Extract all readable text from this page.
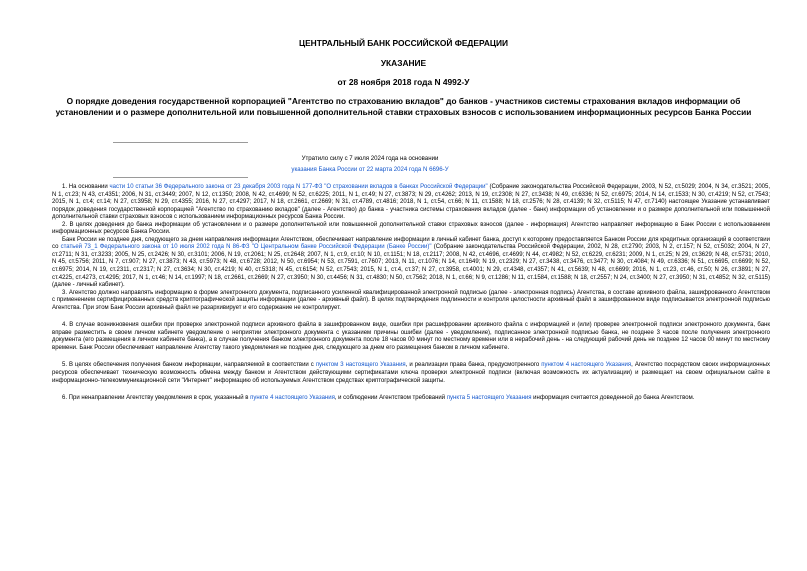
ЦЕНТРАЛЬНЫЙ БАНК РОССИЙСКОЙ ФЕДЕРАЦИИ
УКАЗАНИЕ
от 28 ноября 2018 года N 4992-У
О порядке доведения государственной корпорацией "Агентство по страхованию вкладов" до банков - участников системы страхования вкладов информации об установлении и о размере дополнительной или повышенной дополнительной ставки страховых взносов с использованием информационных ресурсов Банка России
Утратило силу с 7 июля 2024 года на основании
указания Банка России от 22 марта 2024 года N 6696-У

1. На основании части 10 статьи 36 Федерального закона от 23 декабря 2003 года N 177-ФЗ "О страховании вкладов в банках Российской Федерации" (Собрание законодательства Российской Федерации, 2003, N 52, ст.5029; 2004, N 34, ст.3521; 2005, N 1, ст.23; N 43, ст.4351; 2006, N 31, ст.3449; 2007, N 12, ст.1350; 2008, N 42, ст.4699; N 52, ст.6225; 2011, N 1, ст.49; N 27, ст.3873; N 29, ст.4262; 2013, N 19, ст.2308; N 27, ст.3438; N 49, ст.6336; N 52, ст.6975; 2014, N 14, ст.1533; N 30, ст.4219; N 52, ст.7543; 2015, N 1, ст.4; ст.14; N 27, ст.3958; N 29, ст.4355; 2016, N 27, ст.4297; 2017, N 18, ст.2661, ст.2669; N 31, ст.4789, ст.4816; 2018, N 1, ст.54, ст.66; N 11, ст.1588; N 18, ст.2576; N 28, ст.4139; N 32, ст.5115; N 47, ст.7140) настоящее Указание устанавливает порядок доведения государственной корпорацией "Агентство по страхованию вкладов" (далее - Агентство) до банка - участника системы страхования вкладов (далее - банк) информации об установлении и о размере дополнительной или повышенной дополнительной ставки страховых взносов с использованием информационных ресурсов Банка России.

2. В целях доведения до банка информации об установлении и о размере дополнительной или повышенной дополнительной ставки страховых взносов (далее - информация) Агентство направляет информацию в Банк России с использованием информационных ресурсов Банка России.

Банк России не позднее дня, следующего за днем направления информации Агентством, обеспечивает направление информации в личный кабинет банка, доступ к которому предоставляется Банком России для кредитных организаций в соответствии со статьей 73_1 Федерального закона от 10 июля 2002 года N 86-ФЗ "О Центральном банке Российской Федерации (Банке России)" (Собрание законодательства Российской Федерации, 2002, N 28, ст.2790; 2003, N 2, ст.157; N 52, ст.5032; 2004, N 27, ст.2711; N 31, ст.3233; 2005, N 25, ст.2426; N 30, ст.3101; 2006, N 19, ст.2061; N 25, ст.2648; 2007, N 1, ст.9, ст.10; N 10, ст.1151; N 18, ст.2117; 2008, N 42, ст.4696, ст.4699; N 44, ст.4982; N 52, ст.6229, ст.6231; 2009, N 1, ст.25; N 29, ст.3629; N 48, ст.5731; 2010, N 45, ст.5756; 2011, N 7, ст.907; N 27, ст.3873; N 43, ст.5973; N 48, ст.6728; 2012, N 50, ст.6954; N 53, ст.7591, ст.7607; 2013, N 11, ст.1076; N 14, ст.1649; N 19, ст.2329; N 27, ст.3438, ст.3476, ст.3477; N 30, ст.4084; N 49, ст.6336; N 51, ст.6695, ст.6699; N 52, ст.6975; 2014, N 19, ст.2311, ст.2317; N 27, ст.3634; N 30, ст.4219; N 40, ст.5318; N 45, ст.6154; N 52, ст.7543; 2015, N 1, ст.4, ст.37; N 27, ст.3958, ст.4001; N 29, ст.4348, ст.4357; N 41, ст.5639; N 48, ст.6699; 2016, N 1, ст.23, ст.46, ст.50; N 26, ст.3891; N 27, ст.4225, ст.4273, ст.4295; 2017, N 1, ст.46; N 14, ст.1997; N 18, ст.2661, ст.2669; N 27, ст.3950; N 30, ст.4456; N 31, ст.4830; N 50, ст.7562; 2018, N 1, ст.66; N 9, ст.1286; N 11, ст.1584, ст.1588; N 18, ст.2557; N 24, ст.3400; N 27, ст.3950; N 31, ст.4852; N 32, ст.5115) (далее - личный кабинет).

3. Агентство должно направлять информацию в форме электронного документа, подписанного усиленной квалифицированной электронной подписью (далее - электронная подпись) Агентства, в составе архивного файла, зашифрованного Агентством с применением сертифицированных средств криптографической защиты информации (далее - архивный файл). В целях подтверждения подлинности и контроля целостности архивный файл в зашифрованном виде подписывается электронной подписью Агентства. При этом Банк России архивный файл не разархивирует и его содержание не контролирует.

4. В случае возникновения ошибки при проверке электронной подписи архивного файла в зашифрованном виде, ошибки при расшифровании архивного файла с информацией и (или) проверке электронной подписи электронного документа, банк вправе разместить в своем личном кабинете уведомление о неприятии электронного документа с указанием причины ошибки (далее - уведомление), подписанное электронной подписью банка, не позднее 3 часов после получения электронного документа (его размещения в личном кабинете банка), а в случае получения банком электронного документа после 18 часов 00 минут по местному времени или в нерабочий день - на следующий рабочий день не позднее 12 часов 00 минут по местному времени. Банк России обеспечивает направление Агентству такого уведомления не позднее дня, следующего за днем его размещения банком в личном кабинете.

5. В целях обеспечения получения банком информации, направляемой в соответствии с пунктом 3 настоящего Указания, и реализации права банка, предусмотренного пунктом 4 настоящего Указания, Агентство посредством своих информационных ресурсов обеспечивает техническую возможность обмена между банком и Агентством действующими сертификатами ключа проверки электронной подписи (включая возможность их актуализации) и размещает на своем официальном сайте в информационно-телекоммуникационной сети "Интернет" информацию об используемых Агентством средствах криптографической защиты.

6. При ненаправлении Агентству уведомления в срок, указанный в пункте 4 настоящего Указания, и соблюдении Агентством требований пункта 5 настоящего Указания информация считается доведенной до банка Агентством.
